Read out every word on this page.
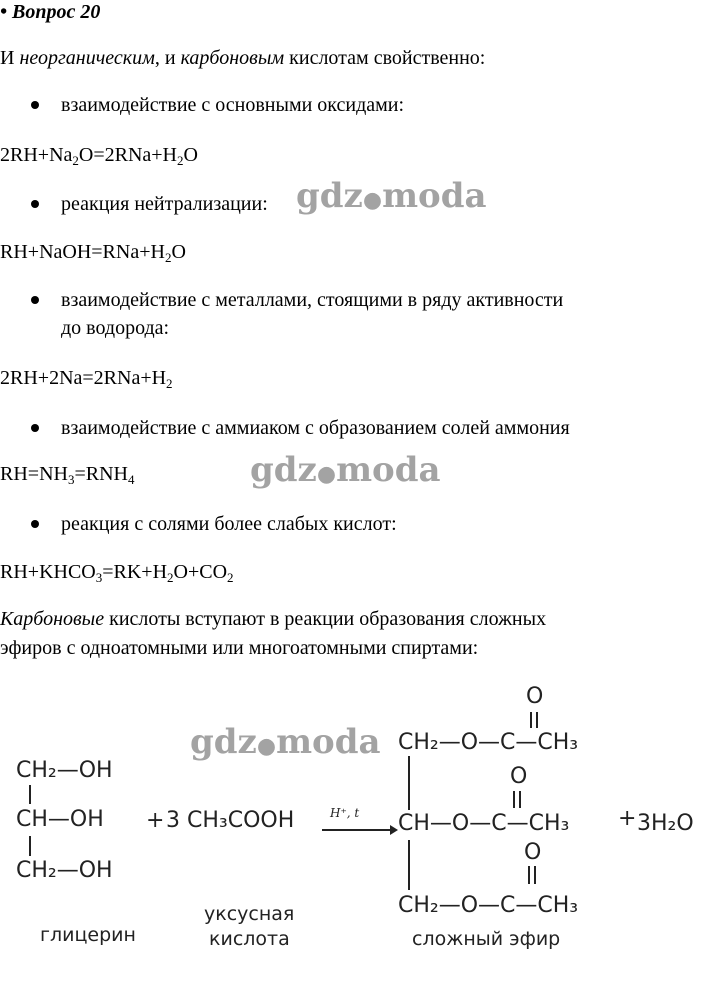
• Вопрос 20
И неорганическим, и карбоновым кислотам свойственно:
взаимодействие с основными оксидами:
$2RH+Na_2O=2RNa+H_2O$
реакция нейтрализации: gdz●moda
$RH+NaOH=RNa+H_2O$
взаимодействие с металлами, стоящими в ряду активности
до водорода:
$2RH+2Na=2RNa+H_2$
взаимодействие с аммиаком с образованием солей аммония
$RH=NH_3=RNH_4$	gdz●moda
реакция с солями более слабых кислот:
$RH+KHCO_3=RK+H_2O+CO_2$
Карбоновые кислоты вступают в реакции образования сложных
эфиров с одноатомными или многоатомными спиртами:
CH₂—OH
CH—OH
CH₂—OH
+ 3 CH₃COOH	H⁺, t
O
CH₂—O—C—CH₃
O
CH—O—C—CH₃ + 3H₂O
O
CH₂—O—C—CH₃
gdz●moda
глицерин
уксусная
кислота	сложный эфир
